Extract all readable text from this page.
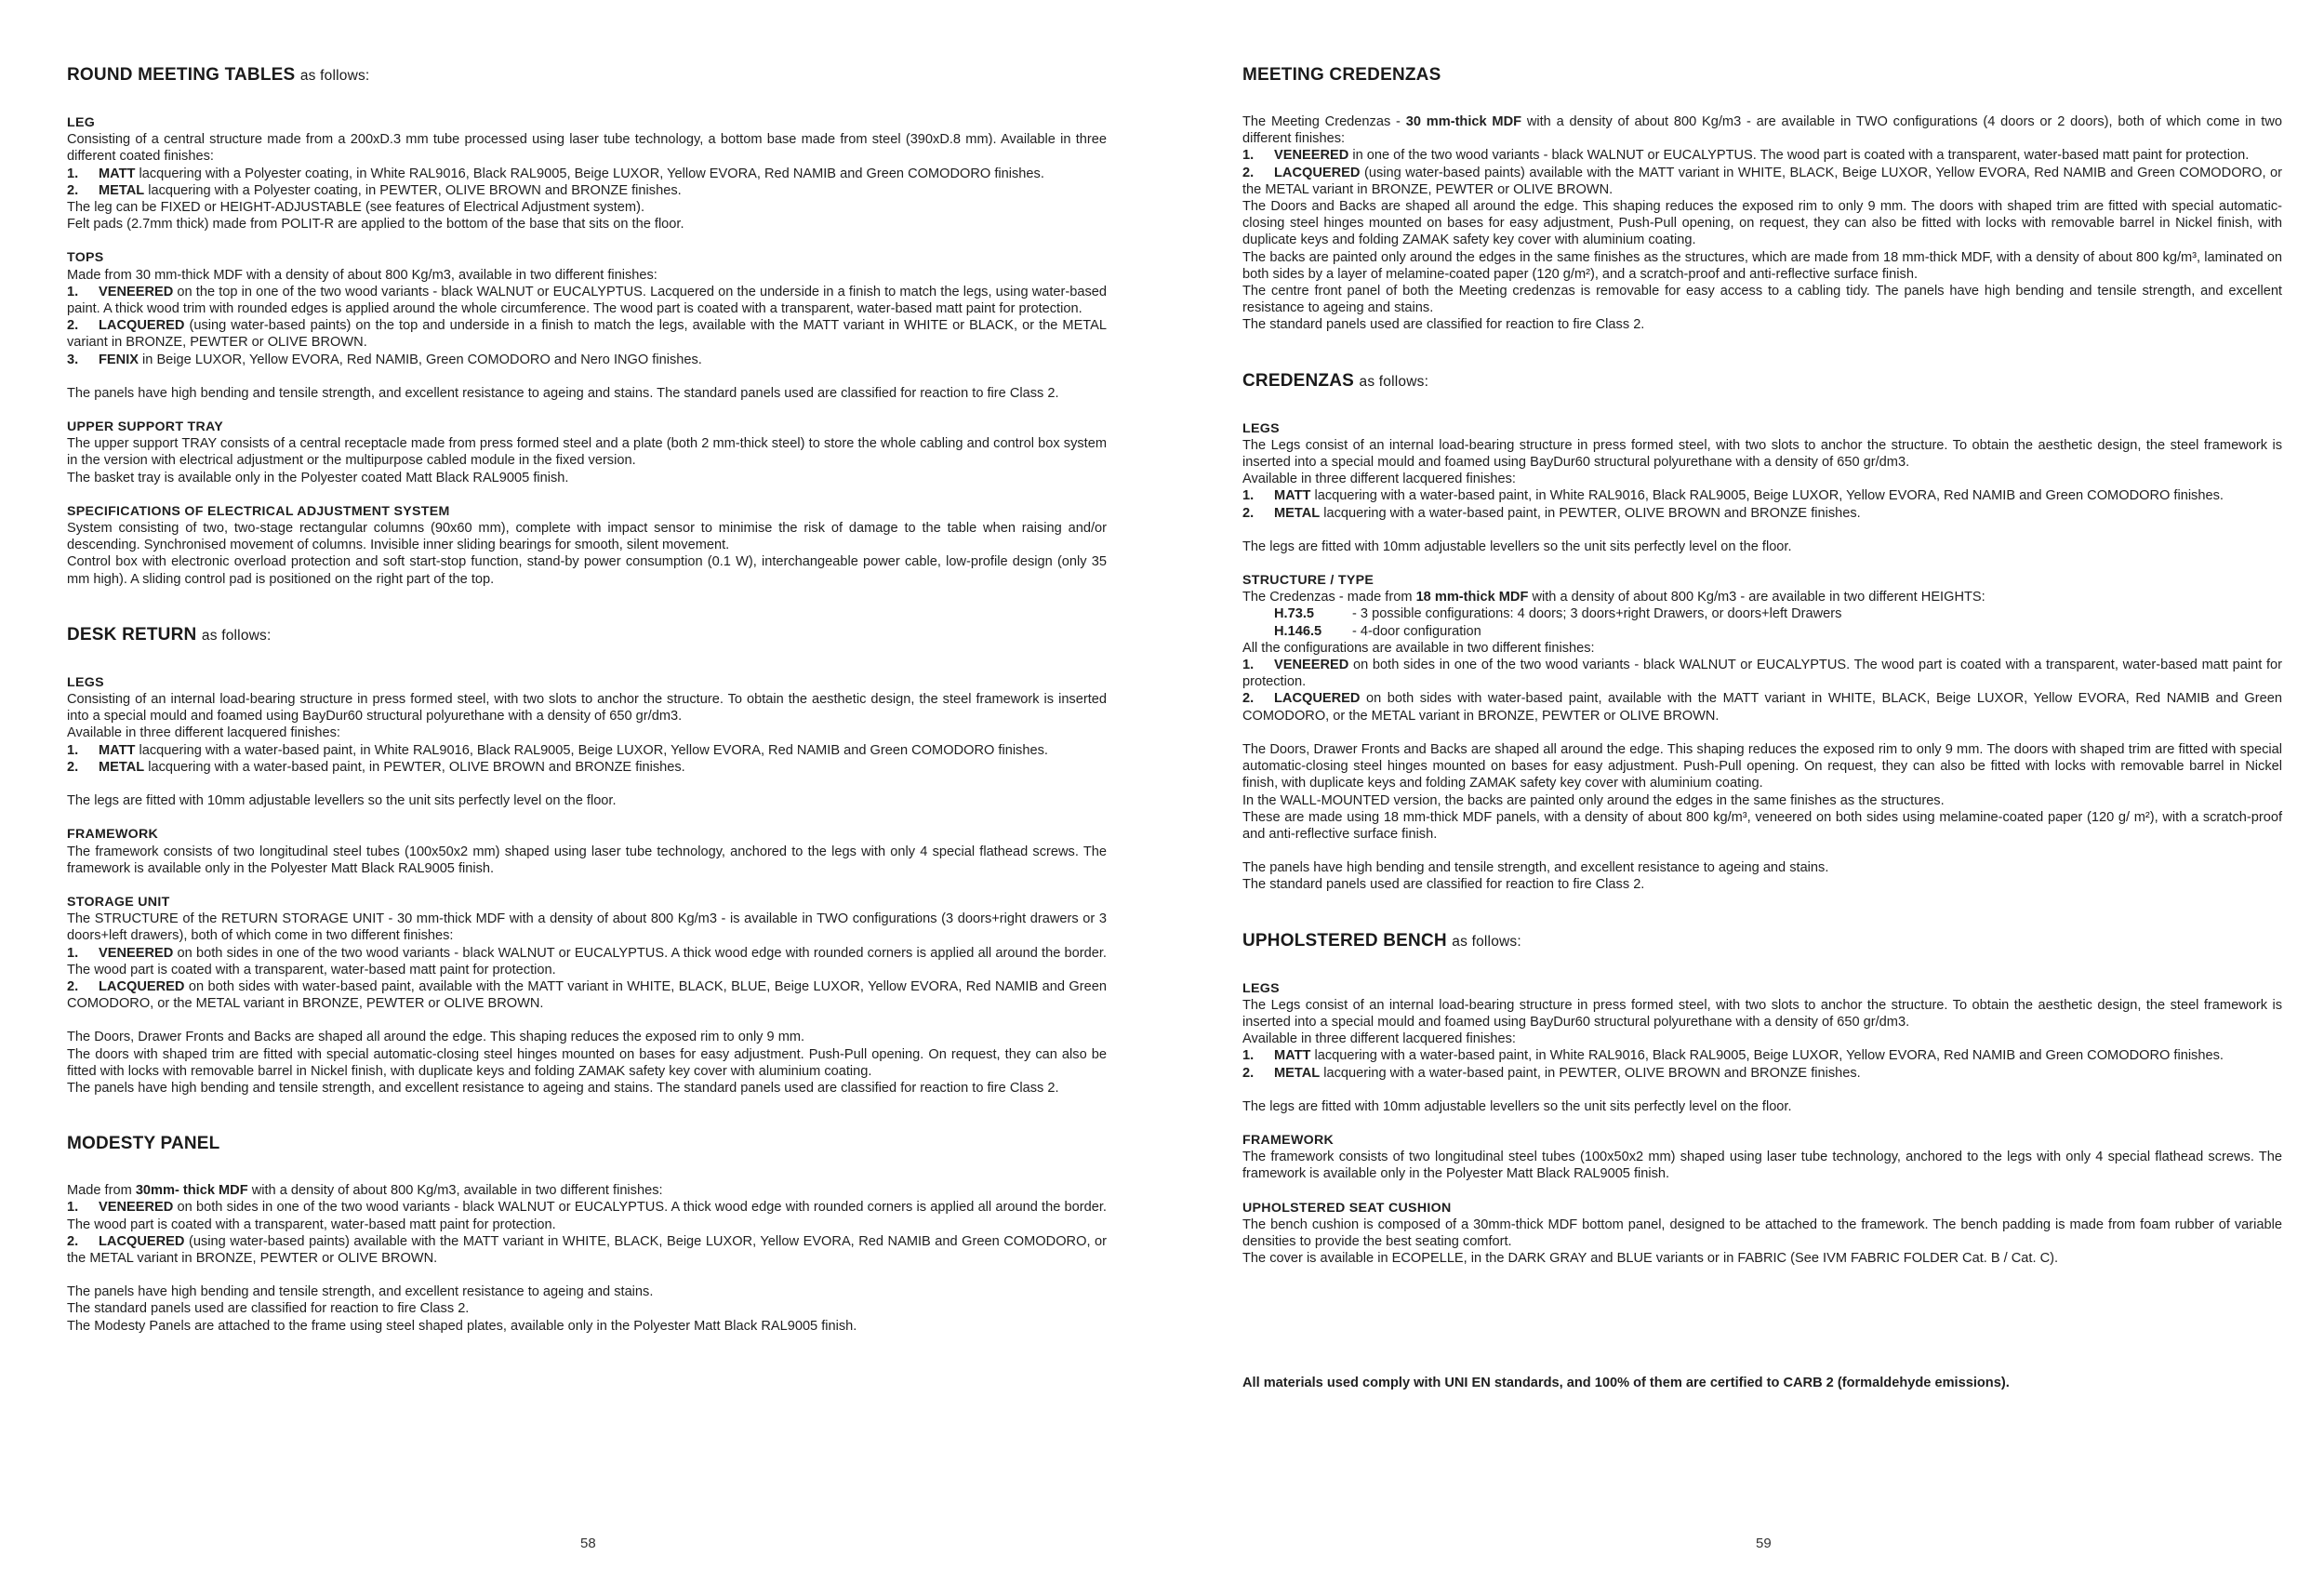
ROUND MEETING TABLES as follows:
LEG

Consisting of a central structure made from a 200xD.3 mm tube processed using laser tube technology, a bottom base made from steel (390xD.8 mm). Available in three different coated finishes:

1. MATT lacquering with a Polyester coating, in White RAL9016, Black RAL9005, Beige LUXOR, Yellow EVORA, Red NAMIB and Green COMODORO finishes.

2. METAL lacquering with a Polyester coating, in PEWTER, OLIVE BROWN and BRONZE finishes.

The leg can be FIXED or HEIGHT-ADJUSTABLE (see features of Electrical Adjustment system).

Felt pads (2.7mm thick) made from POLIT-R are applied to the bottom of the base that sits on the floor.

TOPS

Made from 30 mm-thick MDF with a density of about 800 Kg/m3, available in two different finishes:

1. VENEERED on the top in one of the two wood variants - black WALNUT or EUCALYPTUS. Lacquered on the underside in a finish to match the legs, using water-based paint. A thick wood trim with rounded edges is applied around the whole circumference. The wood part is coated with a transparent, water-based matt paint for protection.

2. LACQUERED (using water-based paints) on the top and underside in a finish to match the legs, available with the MATT variant in WHITE or BLACK, or the METAL variant in BRONZE, PEWTER or OLIVE BROWN.

3. FENIX in Beige LUXOR, Yellow EVORA, Red NAMIB, Green COMODORO and Nero INGO finishes.

The panels have high bending and tensile strength, and excellent resistance to ageing and stains. The standard panels used are classified for reaction to fire Class 2.

UPPER SUPPORT TRAY

The upper support TRAY consists of a central receptacle made from press formed steel and a plate (both 2 mm-thick steel) to store the whole cabling and control box system in the version with electrical adjustment or the multipurpose cabled module in the fixed version.

The basket tray is available only in the Polyester coated Matt Black RAL9005 finish.

SPECIFICATIONS OF ELECTRICAL ADJUSTMENT SYSTEM

System consisting of two, two-stage rectangular columns (90x60 mm), complete with impact sensor to minimise the risk of damage to the table when raising and/or descending. Synchronised movement of columns. Invisible inner sliding bearings for smooth, silent movement.

Control box with electronic overload protection and soft start-stop function, stand-by power consumption (0.1 W), interchangeable power cable, low-profile design (only 35 mm high). A sliding control pad is positioned on the right part of the top.

DESK RETURN as follows:
LEGS

Consisting of an internal load-bearing structure in press formed steel, with two slots to anchor the structure. To obtain the aesthetic design, the steel framework is inserted into a special mould and foamed using BayDur60 structural polyurethane with a density of 650 gr/dm3.

Available in three different lacquered finishes:

1. MATT lacquering with a water-based paint, in White RAL9016, Black RAL9005, Beige LUXOR, Yellow EVORA, Red NAMIB and Green COMODORO finishes.

2. METAL lacquering with a water-based paint, in PEWTER, OLIVE BROWN and BRONZE finishes.

The legs are fitted with 10mm adjustable levellers so the unit sits perfectly level on the floor.

FRAMEWORK

The framework consists of two longitudinal steel tubes (100x50x2 mm) shaped using laser tube technology, anchored to the legs with only 4 special flathead screws. The framework is available only in the Polyester Matt Black RAL9005 finish.

STORAGE UNIT

The STRUCTURE of the RETURN STORAGE UNIT - 30 mm-thick MDF with a density of about 800 Kg/m3 - is available in TWO configurations (3 doors+right drawers or 3 doors+left drawers), both of which come in two different finishes:

1. VENEERED on both sides in one of the two wood variants - black WALNUT or EUCALYPTUS. A thick wood edge with rounded corners is applied all around the border. The wood part is coated with a transparent, water-based matt paint for protection.

2. LACQUERED on both sides with water-based paint, available with the MATT variant in WHITE, BLACK, BLUE, Beige LUXOR, Yellow EVORA, Red NAMIB and Green COMODORO, or the METAL variant in BRONZE, PEWTER or OLIVE BROWN.

The Doors, Drawer Fronts and Backs are shaped all around the edge. This shaping reduces the exposed rim to only 9 mm.

The doors with shaped trim are fitted with special automatic-closing steel hinges mounted on bases for easy adjustment. Push-Pull opening. On request, they can also be fitted with locks with removable barrel in Nickel finish, with duplicate keys and folding ZAMAK safety key cover with aluminium coating.

The panels have high bending and tensile strength, and excellent resistance to ageing and stains. The standard panels used are classified for reaction to fire Class 2.

MODESTY PANEL

Made from 30mm- thick MDF with a density of about 800 Kg/m3, available in two different finishes:

1. VENEERED on both sides in one of the two wood variants - black WALNUT or EUCALYPTUS. A thick wood edge with rounded corners is applied all around the border. The wood part is coated with a transparent, water-based matt paint for protection.

2. LACQUERED (using water-based paints) available with the MATT variant in WHITE, BLACK, Beige LUXOR, Yellow EVORA, Red NAMIB and Green COMODORO, or the METAL variant in BRONZE, PEWTER or OLIVE BROWN.

The panels have high bending and tensile strength, and excellent resistance to ageing and stains.

The standard panels used are classified for reaction to fire Class 2.

The Modesty Panels are attached to the frame using steel shaped plates, available only in the Polyester Matt Black RAL9005 finish.

58
MEETING CREDENZAS

The Meeting Credenzas - 30 mm-thick MDF with a density of about 800 Kg/m3 - are available in TWO configurations (4 doors or 2 doors), both of which come in two different finishes:

1. VENEERED in one of the two wood variants - black WALNUT or EUCALYPTUS. The wood part is coated with a transparent, water-based matt paint for protection.

2. LACQUERED (using water-based paints) available with the MATT variant in WHITE, BLACK, Beige LUXOR, Yellow EVORA, Red NAMIB and Green COMODORO, or the METAL variant in BRONZE, PEWTER or OLIVE BROWN.

The Doors and Backs are shaped all around the edge. This shaping reduces the exposed rim to only 9 mm. The doors with shaped trim are fitted with special automatic-closing steel hinges mounted on bases for easy adjustment, Push-Pull opening, on request, they can also be fitted with locks with removable barrel in Nickel finish, with duplicate keys and folding ZAMAK safety key cover with aluminium coating.

The backs are painted only around the edges in the same finishes as the structures, which are made from 18 mm-thick MDF, with a density of about 800 kg/m³, laminated on both sides by a layer of melamine-coated paper (120 g/m²), and a scratch-proof and anti-reflective surface finish.

The centre front panel of both the Meeting credenzas is removable for easy access to a cabling tidy. The panels have high bending and tensile strength, and excellent resistance to ageing and stains.

The standard panels used are classified for reaction to fire Class 2.

CREDENZAS as follows:
LEGS

The Legs consist of an internal load-bearing structure in press formed steel, with two slots to anchor the structure. To obtain the aesthetic design, the steel framework is inserted into a special mould and foamed using BayDur60 structural polyurethane with a density of 650 gr/dm3.

Available in three different lacquered finishes:

1. MATT lacquering with a water-based paint, in White RAL9016, Black RAL9005, Beige LUXOR, Yellow EVORA, Red NAMIB and Green COMODORO finishes.

2. METAL lacquering with a water-based paint, in PEWTER, OLIVE BROWN and BRONZE finishes.

The legs are fitted with 10mm adjustable levellers so the unit sits perfectly level on the floor.

STRUCTURE / TYPE

The Credenzas - made from 18 mm-thick MDF with a density of about 800 Kg/m3 - are available in two different HEIGHTS:

H.73.5	- 3 possible configurations: 4 doors; 3 doors+right Drawers, or doors+left Drawers
H.146.5 - 4-door configuration

All the configurations are available in two different finishes:

1. VENEERED on both sides in one of the two wood variants - black WALNUT or EUCALYPTUS. The wood part is coated with a transparent, water-based matt paint for protection.

2. LACQUERED on both sides with water-based paint, available with the MATT variant in WHITE, BLACK, Beige LUXOR, Yellow EVORA, Red NAMIB and Green COMODORO, or the METAL variant in BRONZE, PEWTER or OLIVE BROWN.

The Doors, Drawer Fronts and Backs are shaped all around the edge. This shaping reduces the exposed rim to only 9 mm. The doors with shaped trim are fitted with special automatic-closing steel hinges mounted on bases for easy adjustment. Push-Pull opening. On request, they can also be fitted with locks with removable barrel in Nickel finish, with duplicate keys and folding ZAMAK safety key cover with aluminium coating.

In the WALL-MOUNTED version, the backs are painted only around the edges in the same finishes as the structures.

These are made using 18 mm-thick MDF panels, with a density of about 800 kg/m³, veneered on both sides using melamine-coated paper (120 g/ m²), with a scratch-proof and anti-reflective surface finish.

The panels have high bending and tensile strength, and excellent resistance to ageing and stains.

The standard panels used are classified for reaction to fire Class 2.

UPHOLSTERED BENCH as follows:
LEGS

The Legs consist of an internal load-bearing structure in press formed steel, with two slots to anchor the structure. To obtain the aesthetic design, the steel framework is inserted into a special mould and foamed using BayDur60 structural polyurethane with a density of 650 gr/dm3.

Available in three different lacquered finishes:

1. MATT lacquering with a water-based paint, in White RAL9016, Black RAL9005, Beige LUXOR, Yellow EVORA, Red NAMIB and Green COMODORO finishes.

2. METAL lacquering with a water-based paint, in PEWTER, OLIVE BROWN and BRONZE finishes.

The legs are fitted with 10mm adjustable levellers so the unit sits perfectly level on the floor.

FRAMEWORK

The framework consists of two longitudinal steel tubes (100x50x2 mm) shaped using laser tube technology, anchored to the legs with only 4 special flathead screws. The framework is available only in the Polyester Matt Black RAL9005 finish.

UPHOLSTERED SEAT CUSHION

The bench cushion is composed of a 30mm-thick MDF bottom panel, designed to be attached to the framework. The bench padding is made from foam rubber of variable densities to provide the best seating comfort.

The cover is available in ECOPELLE, in the DARK GRAY and BLUE variants or in FABRIC (See IVM FABRIC FOLDER Cat. B / Cat. C).

All materials used comply with UNI EN standards, and 100% of them are certified to CARB 2 (formaldehyde emissions).

59
